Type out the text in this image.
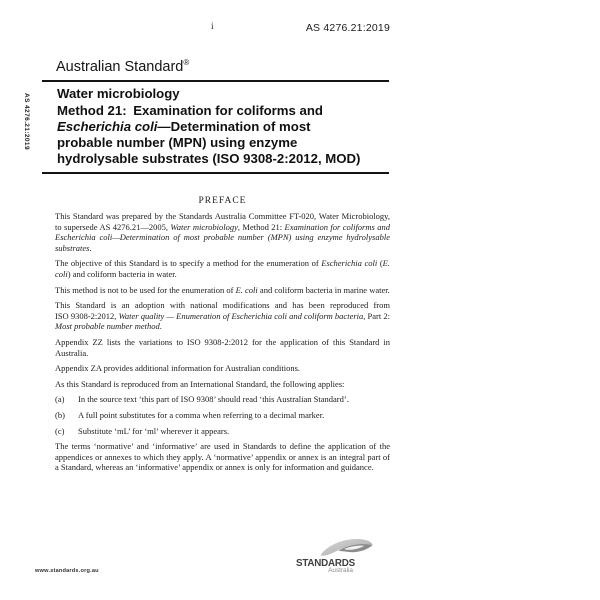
i	AS 4276.21:2019
AS 4276.21:2019
Australian Standard®
Water microbiology
Method 21: Examination for coliforms and
Escherichia coli—Determination of most
probable number (MPN) using enzyme
hydrolysable substrates (ISO 9308-2:2012, MOD)
PREFACE

This Standard was prepared by the Standards Australia Committee FT-020, Water Microbiology, to supersede AS 4276.21—2005, Water microbiology, Method 21: Examination for coliforms and Escherichia coli—Determination of most probable number (MPN) using enzyme hydrolysable substrates.

The objective of this Standard is to specify a method for the enumeration of Escherichia coli (E. coli) and coliform bacteria in water.

This method is not to be used for the enumeration of E. coli and coliform bacteria in marine water.

This Standard is an adoption with national modifications and has been reproduced from ISO 9308-2:2012, Water quality — Enumeration of Escherichia coli and coliform bacteria, Part 2: Most probable number method.

Appendix ZZ lists the variations to ISO 9308-2:2012 for the application of this Standard in Australia.

Appendix ZA provides additional information for Australian conditions.

As this Standard is reproduced from an International Standard, the following applies:

(a)	In the source text ‘this part of ISO 9308’ should read ‘this Australian Standard’.
(b)	A full point substitutes for a comma when referring to a decimal marker.
(c)	Substitute ‘mL’ for ‘ml’ wherever it appears.

The terms ‘normative’ and ‘informative’ are used in Standards to define the application of the appendices or annexes to which they apply. A ‘normative’ appendix or annex is an integral part of a Standard, whereas an ‘informative’ appendix or annex is only for information and guidance.

www.standards.org.au
STANDARDS
Australia
